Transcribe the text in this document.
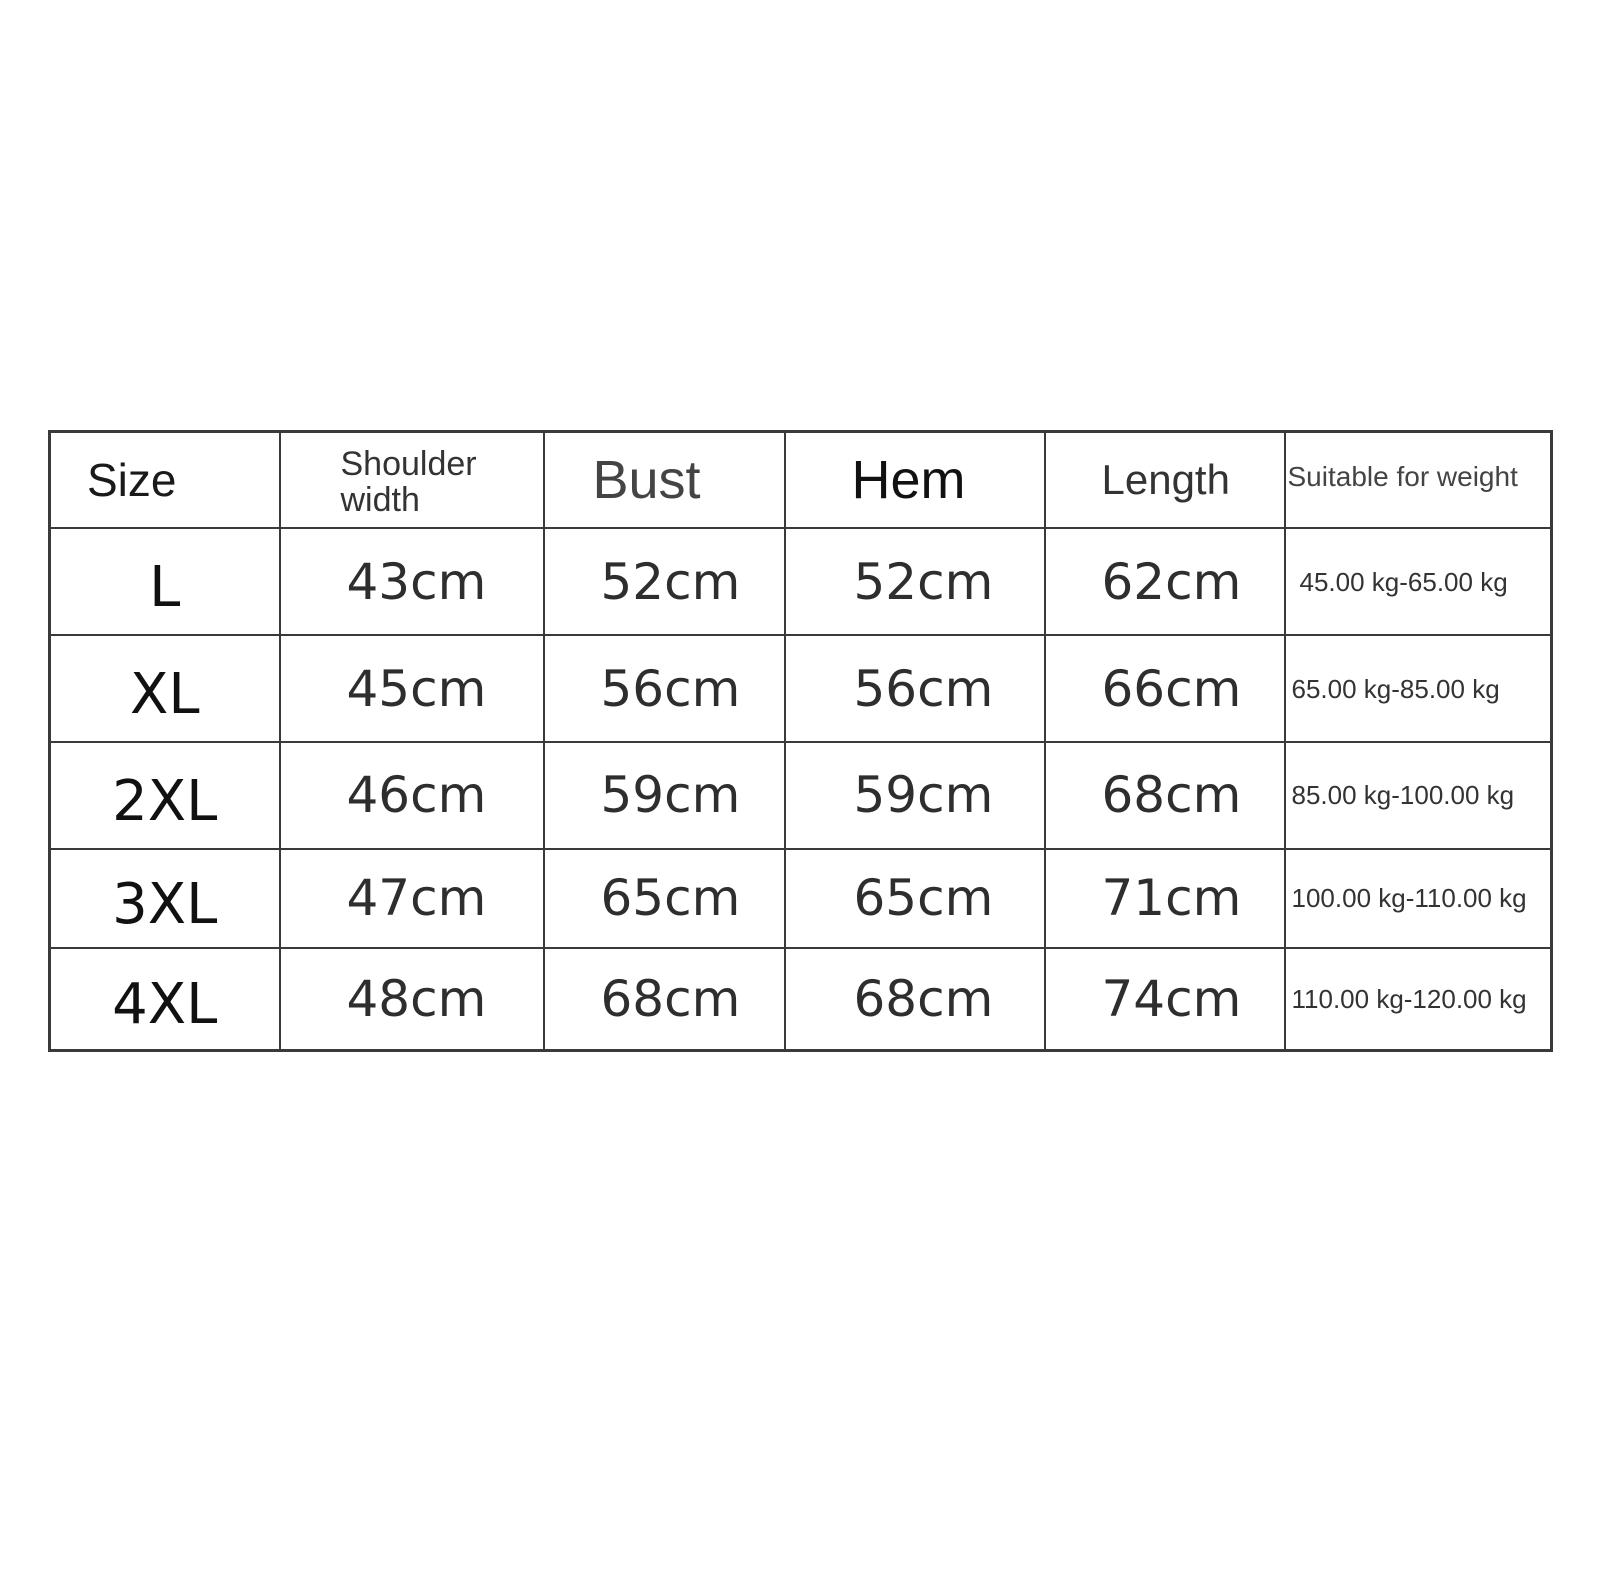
Size	Shoulder width	Bust	Hem	Length	Suitable for weight
L	43cm	52cm	52cm	62cm	45.00 kg-65.00 kg
XL	45cm	56cm	56cm	66cm	65.00 kg-85.00 kg
2XL	46cm	59cm	59cm	68cm	85.00 kg-100.00 kg
3XL	47cm	65cm	65cm	71cm	100.00 kg-110.00 kg
4XL	48cm	68cm	68cm	74cm	110.00 kg-120.00 kg
